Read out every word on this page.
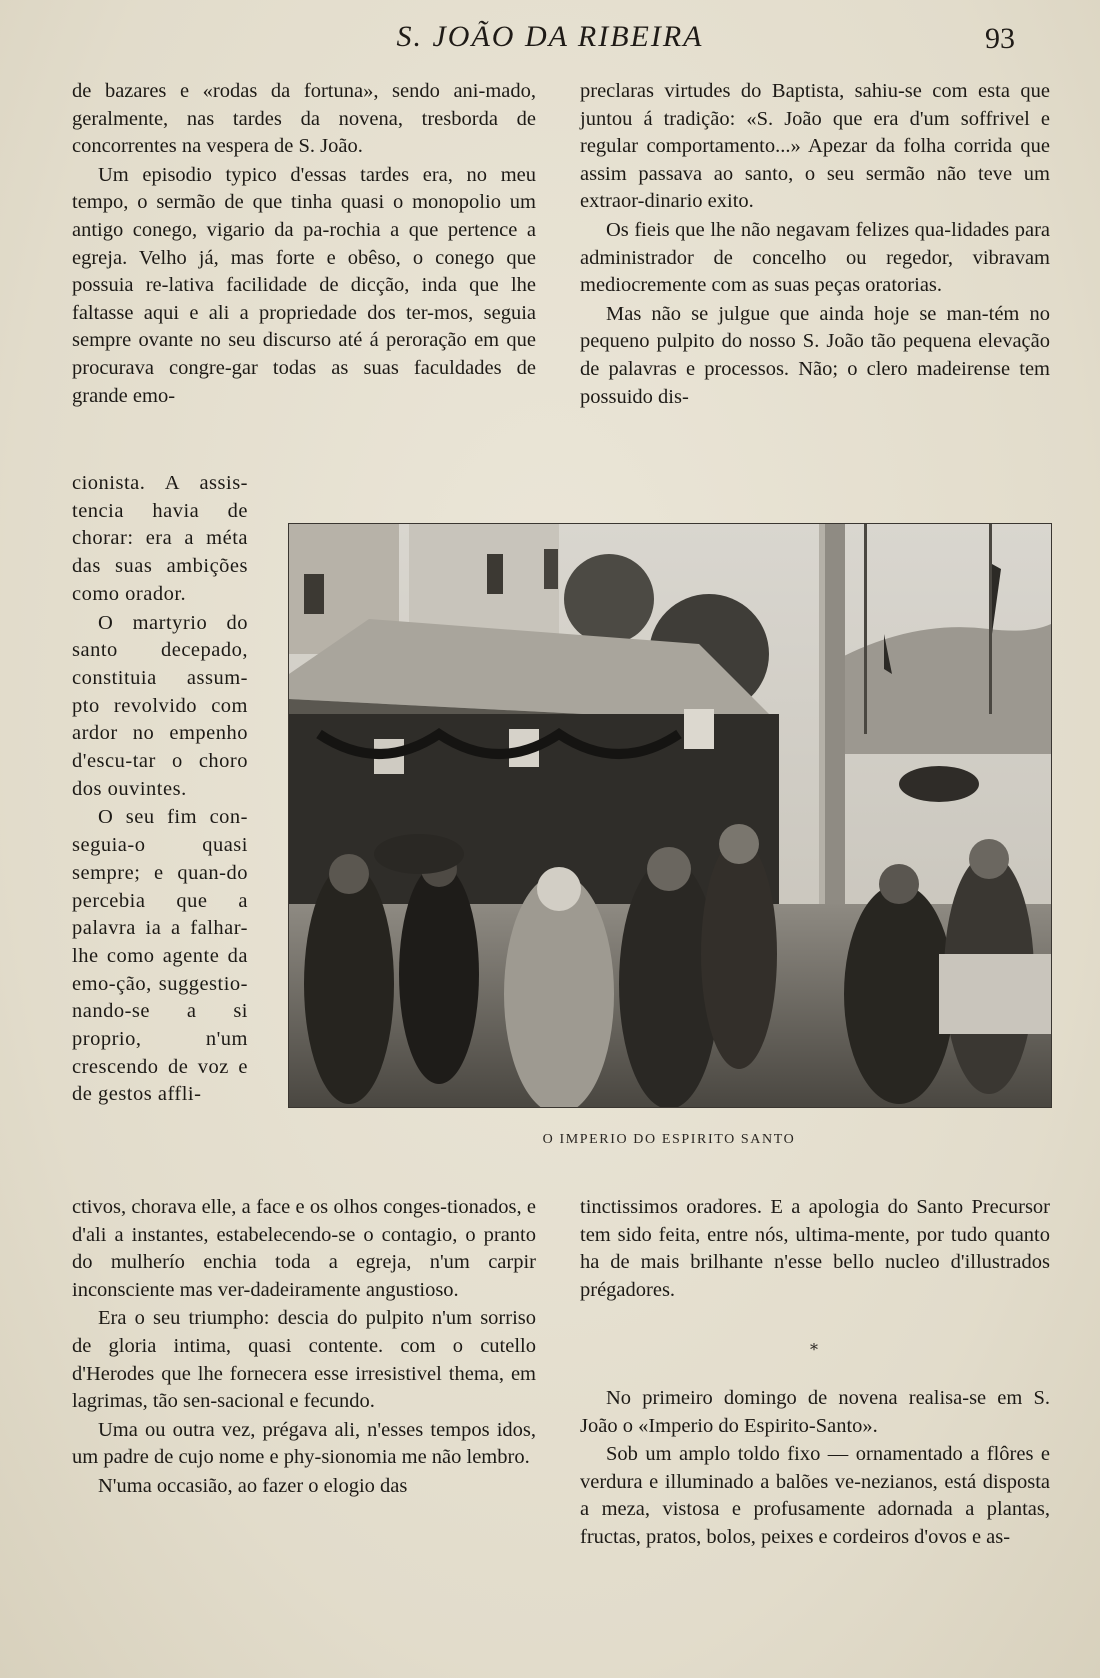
S. JOÃO DA RIBEIRA	93

de bazares e «rodas da fortuna», sendo ani-mado, geralmente, nas tardes da novena, tresborda de concorrentes na vespera de S. João.

Um episodio typico d'essas tardes era, no meu tempo, o sermão de que tinha quasi o monopolio um antigo conego, vigario da pa-rochia a que pertence a egreja. Velho já, mas forte e obêso, o conego que possuia re-lativa facilidade de dicção, inda que lhe faltasse aqui e ali a propriedade dos ter-mos, seguia sempre ovante no seu discurso até á peroração em que procurava congre-gar todas as suas faculdades de grande emo-

cionista. A assis-tencia havia de chorar: era a méta das suas ambições como orador.

O martyrio do santo decepado, constituia assum-pto revolvido com ardor no empenho d'escu-tar o choro dos ouvintes.

O seu fim con-seguia-o quasi sempre; e quan-do percebia que a palavra ia a falhar-lhe como agente da emo-ção, suggestio-nando-se a si proprio, n'um crescendo de voz e de gestos affli-

ctivos, chorava elle, a face e os olhos conges-tionados, e d'ali a instantes, estabelecendo-se o contagio, o pranto do mulherío enchia toda a egreja, n'um carpir inconsciente mas ver-dadeiramente angustioso.

Era o seu triumpho: descia do pulpito n'um sorriso de gloria intima, quasi contente. com o cutello d'Herodes que lhe fornecera esse irresistivel thema, em lagrimas, tão sen-sacional e fecundo.

Uma ou outra vez, prégava ali, n'esses tempos idos, um padre de cujo nome e phy-sionomia me não lembro.

N'uma occasião, ao fazer o elogio das

preclaras virtudes do Baptista, sahiu-se com esta que juntou á tradição: «S. João que era d'um soffrivel e regular comportamento...» Apezar da folha corrida que assim passava ao santo, o seu sermão não teve um extraor-dinario exito.

Os fieis que lhe não negavam felizes qua-lidades para administrador de concelho ou regedor, vibravam mediocremente com as suas peças oratorias.

Mas não se julgue que ainda hoje se man-tém no pequeno pulpito do nosso S. João tão pequena elevação de palavras e processos. Não; o clero madeirense tem possuido dis-

O IMPERIO DO ESPIRITO SANTO

tinctissimos oradores. E a apologia do Santo Precursor tem sido feita, entre nós, ultima-mente, por tudo quanto ha de mais brilhante n'esse bello nucleo d'illustrados prégadores.

*

No primeiro domingo de novena realisa-se em S. João o «Imperio do Espirito-Santo».

Sob um amplo toldo fixo — ornamentado a flôres e verdura e illuminado a balões ve-nezianos, está disposta a meza, vistosa e profusamente adornada a plantas, fructas, pratos, bolos, peixes e cordeiros d'ovos e as-
